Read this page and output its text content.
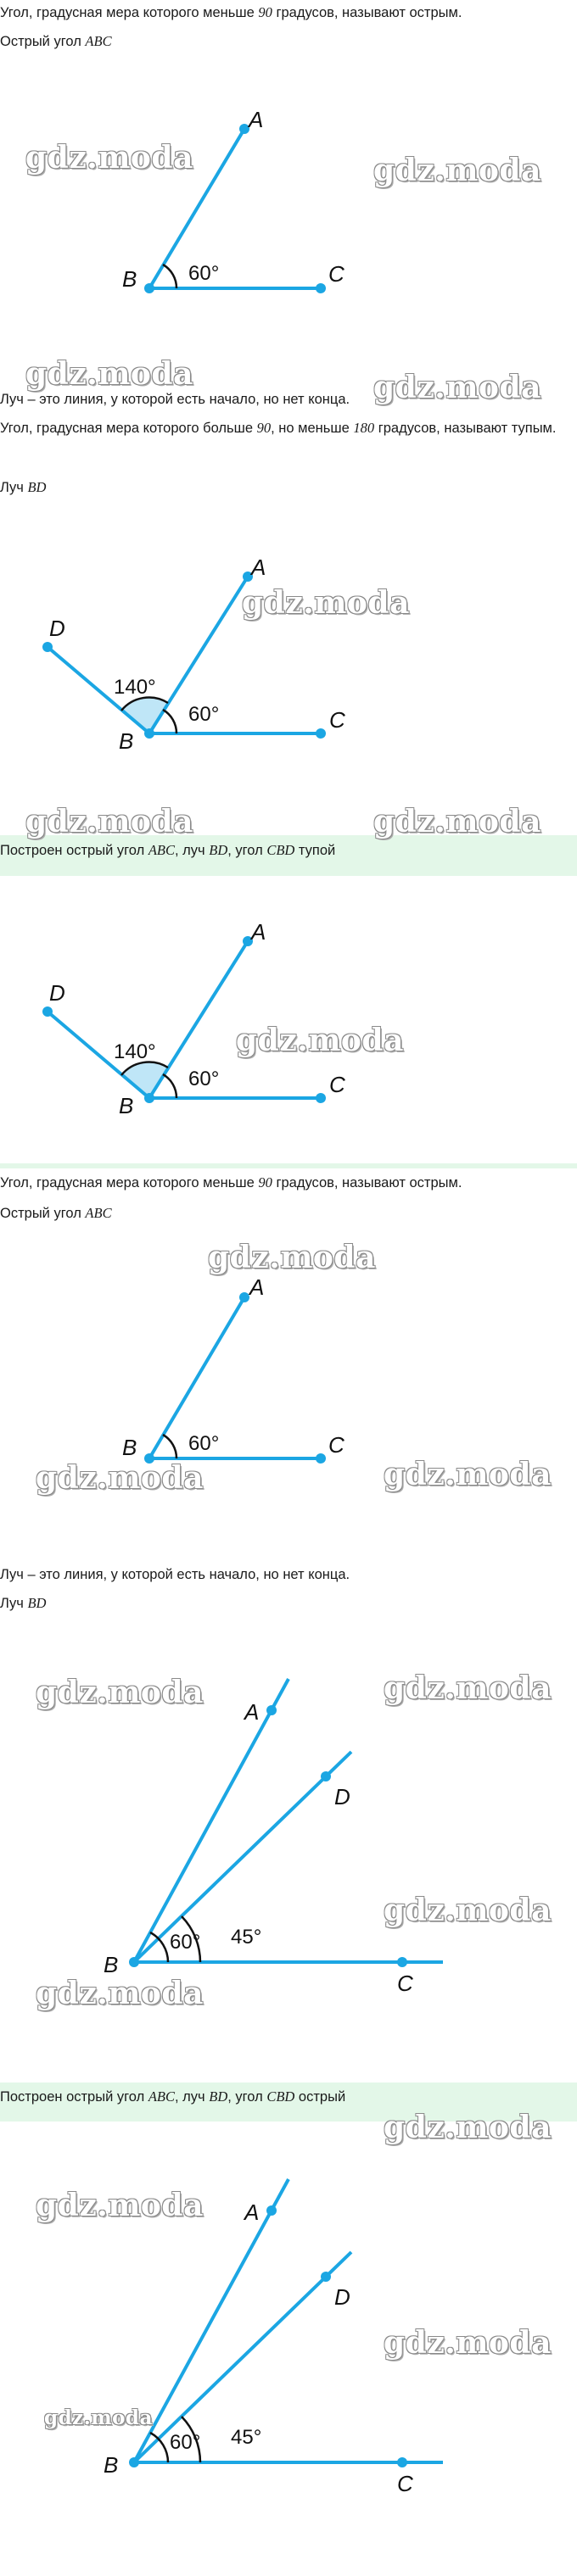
Угол, градусная мера которого меньше 90 градусов, называют острым.

Острый угол ABC

A
B	C
60°

Луч – это линия, у которой есть начало, но нет конца.

Угол, градусная мера которого больше 90, но меньше 180 градусов, называют тупым.

Луч BD

A
B
C
D
140°
60°

Построен острый угол ABC, луч BD, угол CBD тупой

A
B
C
D
140°
60°

Угол, градусная мера которого меньше 90 градусов, называют острым.

Острый угол ABC

A
B	C
60°

Луч – это линия, у которой есть начало, но нет конца.

Луч BD

A
B
C
D
60° 45°

Построен острый угол ABC, луч BD, угол CBD острый

A
B
C
D
60° 45°
gdz.moda	gdz.moda
gdz.moda	gdz.moda
gdz.moda
gdz.moda	gdz.moda
gdz.moda
gdz.moda
gdz.moda	gdz.moda
gdz.moda	gdz.moda
gdz.moda
gdz.moda
gdz.moda
gdz.moda
gdz.moda
gdz.moda
